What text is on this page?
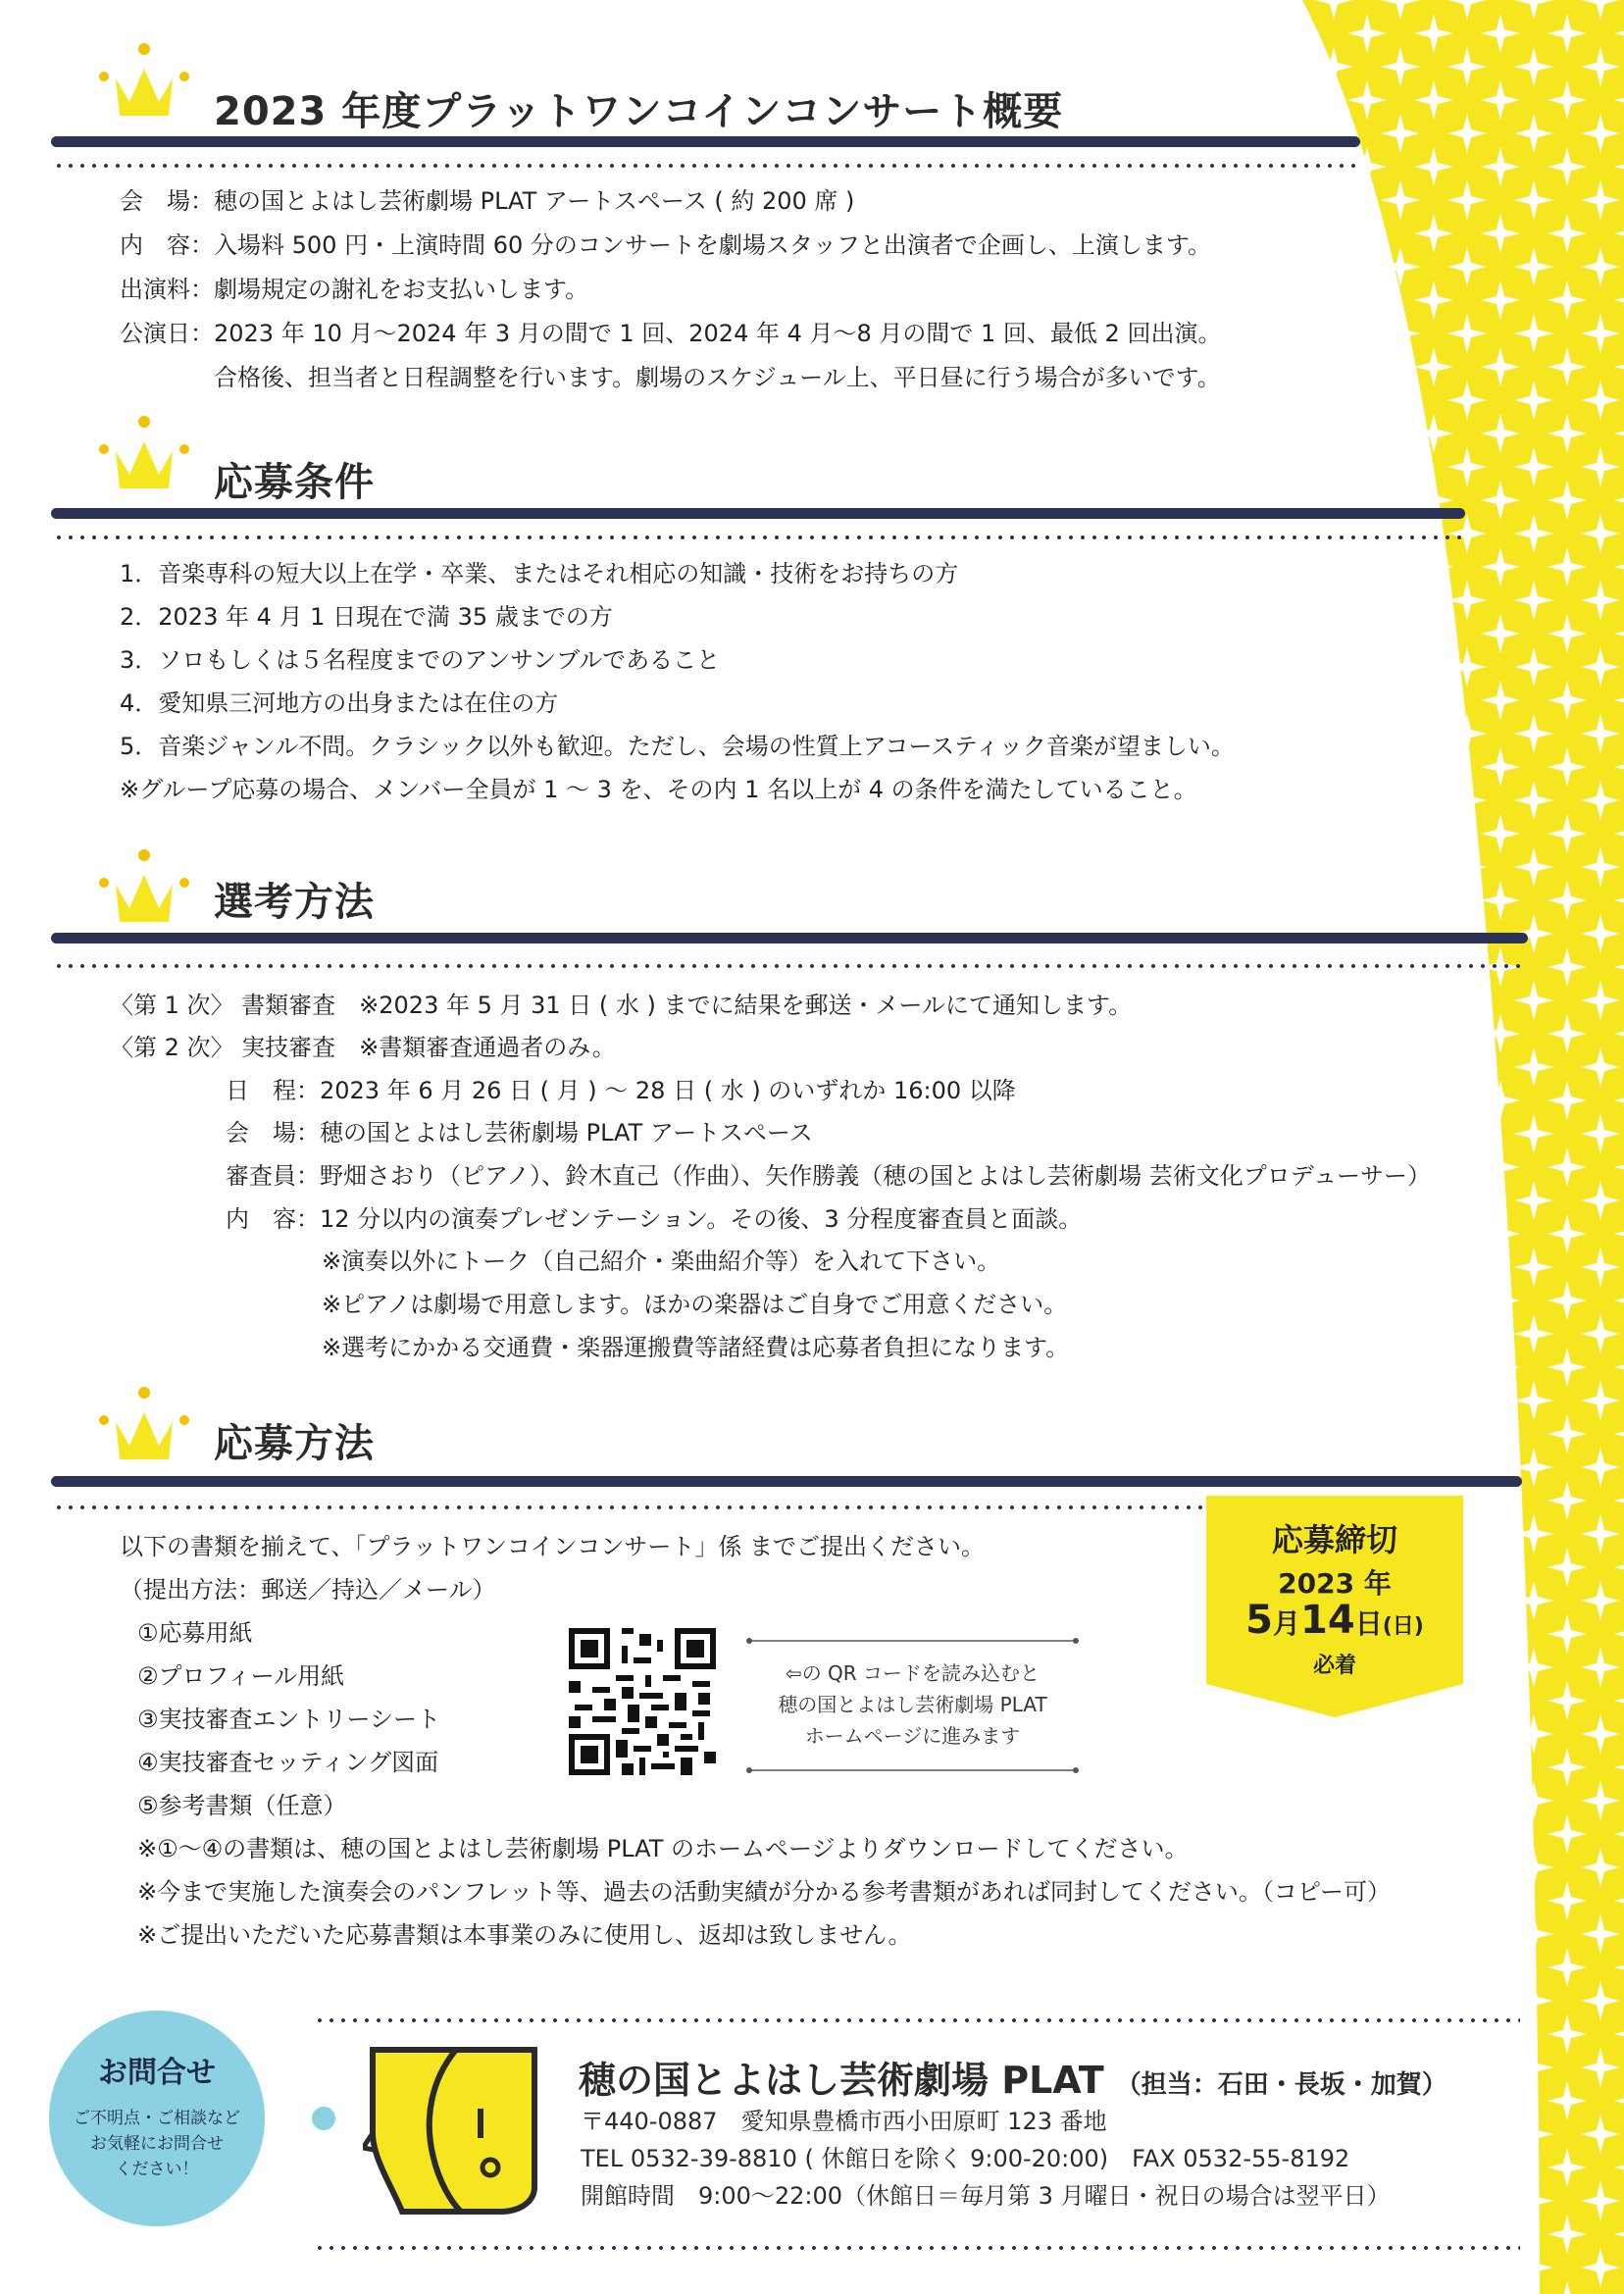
2023 年度プラットワンコインコンサート概要
会　場：穂の国とよはし芸術劇場 PLAT アートスペース ( 約 200 席 )
内　容：入場料 500 円・上演時間 60 分のコンサートを劇場スタッフと出演者で企画し、上演します。
出演料：劇場規定の謝礼をお支払いします。
公演日：2023 年 10 月～2024 年 3 月の間で 1 回、2024 年 4 月～8 月の間で 1 回、最低 2 回出演。
合格後、担当者と日程調整を行います。劇場のスケジュール上、平日昼に行う場合が多いです。
応募条件
1．音楽専科の短大以上在学・卒業、またはそれ相応の知識・技術をお持ちの方
2．2023 年 4 月 1 日現在で満 35 歳までの方
3．ソロもしくは５名程度までのアンサンブルであること
4．愛知県三河地方の出身または在住の方
5．音楽ジャンル不問。クラシック以外も歓迎。ただし、会場の性質上アコースティック音楽が望ましい。
※グループ応募の場合、メンバー全員が 1 ～ 3 を、その内 1 名以上が 4 の条件を満たしていること。
選考方法
〈第 1 次〉 書類審査　※2023 年 5 月 31 日 ( 水 ) までに結果を郵送・メールにて通知します。
〈第 2 次〉 実技審査　※書類審査通過者のみ。
日　程：2023 年 6 月 26 日 ( 月 ) ～ 28 日 ( 水 ) のいずれか 16:00 以降
会　場：穂の国とよはし芸術劇場 PLAT アートスペース
審査員：野畑さおり（ピアノ）、鈴木直己（作曲）、矢作勝義（穂の国とよはし芸術劇場 芸術文化プロデューサー）
内　容：12 分以内の演奏プレゼンテーション。その後、3 分程度審査員と面談。
※演奏以外にトーク（自己紹介・楽曲紹介等）を入れて下さい。
※ピアノは劇場で用意します。ほかの楽器はご自身でご用意ください。
※選考にかかる交通費・楽器運搬費等諸経費は応募者負担になります。
応募方法
以下の書類を揃えて、「プラットワンコインコンサート」係 までご提出ください。
（提出方法：郵送／持込／メール）
①応募用紙
②プロフィール用紙
③実技審査エントリーシート
④実技審査セッティング図面
⑤参考書類（任意）
※①～④の書類は、穂の国とよはし芸術劇場 PLAT のホームページよりダウンロードしてください。
※今まで実施した演奏会のパンフレット等、過去の活動実績が分かる参考書類があれば同封してください。（コピー可）
※ご提出いただいた応募書類は本事業のみに使用し、返却は致しません。
⇦の QR コードを読み込むと
穂の国とよはし芸術劇場 PLAT
ホームページに進みます
応募締切
2023 年
5月14日(日)
必着
お問合せ
ご不明点・ご相談など
お気軽にお問合せ
ください！
穂の国とよはし芸術劇場 PLAT （担当：石田・長坂・加賀）
〒440-0887　愛知県豊橋市西小田原町 123 番地
TEL 0532-39-8810 ( 休館日を除く 9:00-20:00)　FAX 0532-55-8192
開館時間　9:00～22:00（休館日＝毎月第 3 月曜日・祝日の場合は翌平日）
